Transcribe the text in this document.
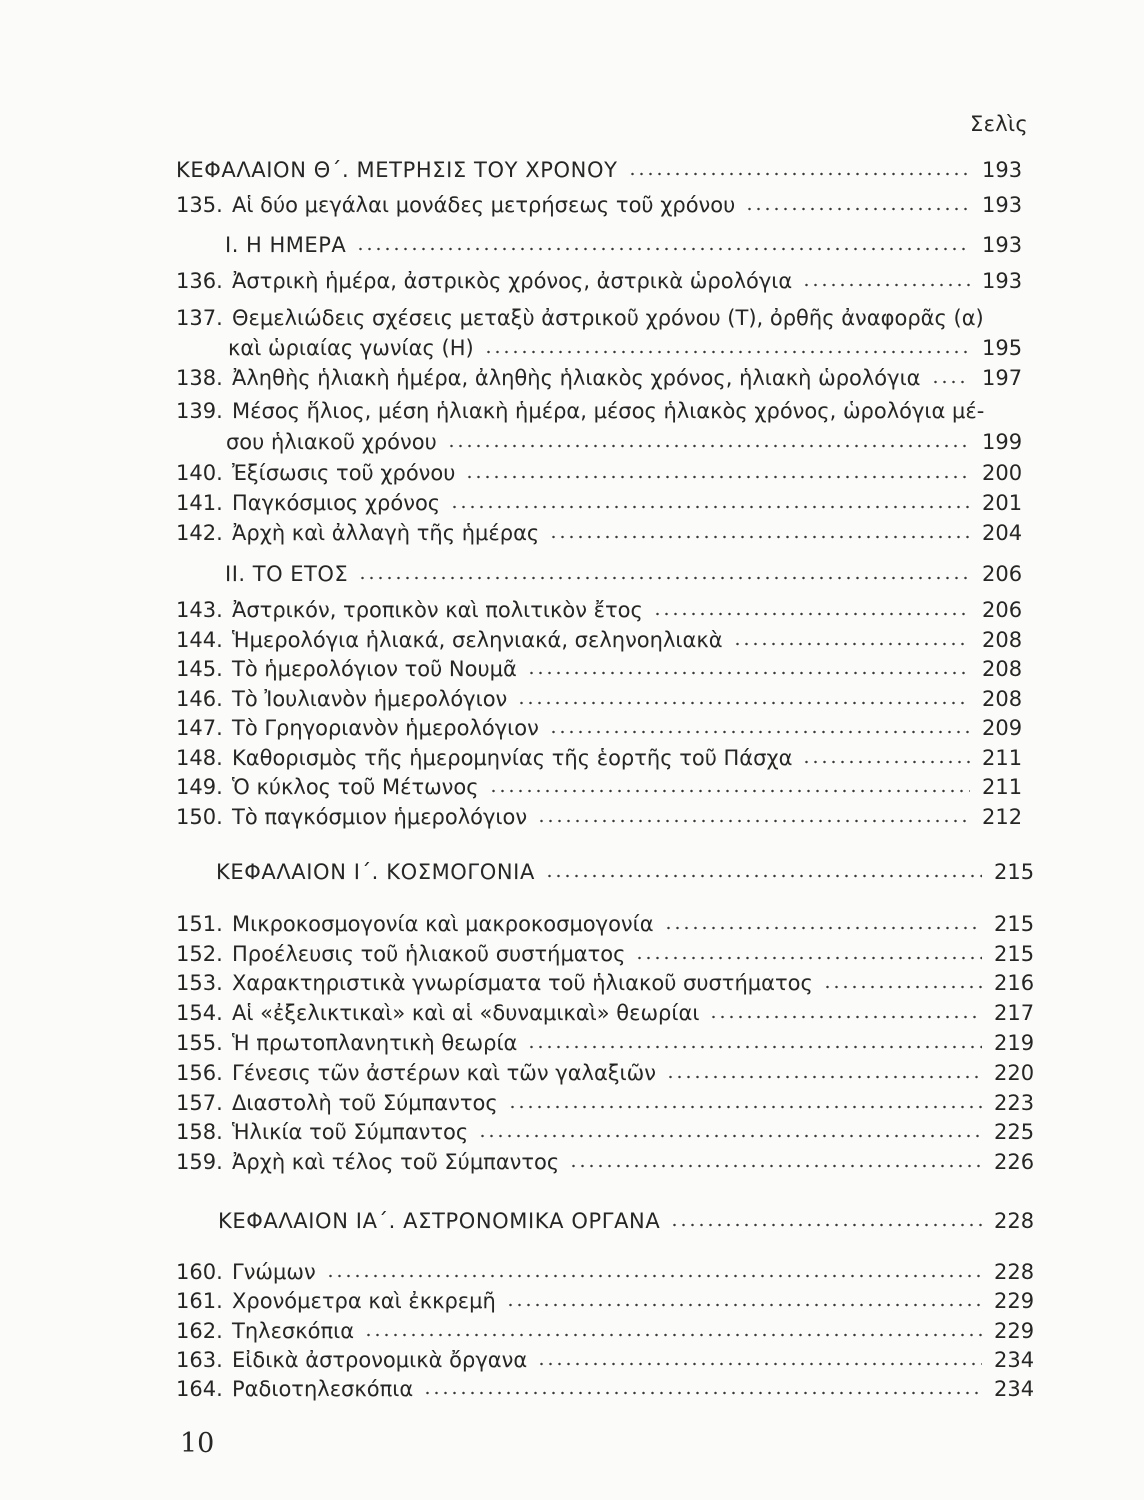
Σελὶς
ΚΕΦΑΛΑΙΟΝ Θ΄. ΜΕΤΡΗΣΙΣ ΤΟΥ ΧΡΟΝΟΥ	193
135. Αἱ δύο μεγάλαι μονάδες μετρήσεως τοῦ χρόνου	193
Ι. Η ΗΜΕΡΑ	193
136. Ἀστρικὴ ἡμέρα, ἀστρικὸς χρόνος, ἀστρικὰ ὡρολόγια	193
137. Θεμελιώδεις σχέσεις μεταξὺ ἀστρικοῦ χρόνου (Τ), ὀρθῆς ἀναφορᾶς (α)
καὶ ὡριαίας γωνίας (Η)	195
138. Ἀληθὴς ἡλιακὴ ἡμέρα, ἀληθὴς ἡλιακὸς χρόνος, ἡλιακὴ ὡρολόγια	197
139. Μέσος ἥλιος, μέση ἡλιακὴ ἡμέρα, μέσος ἡλιακὸς χρόνος, ὡρολόγια μέ-
σου ἡλιακοῦ χρόνου	199
140. Ἐξίσωσις τοῦ χρόνου	200
141. Παγκόσμιος χρόνος	201
142. Ἀρχὴ καὶ ἀλλαγὴ τῆς ἡμέρας	204
ΙΙ. ΤΟ ΕΤΟΣ	206
143. Ἀστρικόν, τροπικὸν καὶ πολιτικὸν ἔτος	206
144. Ἡμερολόγια ἡλιακά, σεληνιακά, σεληνοηλιακὰ	208
145. Τὸ ἡμερολόγιον τοῦ Νουμᾶ	208
146. Τὸ Ἰουλιανὸν ἡμερολόγιον	208
147. Τὸ Γρηγοριανὸν ἡμερολόγιον	209
148. Καθορισμὸς τῆς ἡμερομηνίας τῆς ἑορτῆς τοῦ Πάσχα	211
149. Ὁ κύκλος τοῦ Μέτωνος	211
150. Τὸ παγκόσμιον ἡμερολόγιον	212
ΚΕΦΑΛΑΙΟΝ Ι΄. ΚΟΣΜΟΓΟΝΙΑ	215
151. Μικροκοσμογονία καὶ μακροκοσμογονία	215
152. Προέλευσις τοῦ ἡλιακοῦ συστήματος	215
153. Χαρακτηριστικὰ γνωρίσματα τοῦ ἡλιακοῦ συστήματος	216
154. Αἱ «ἐξελικτικαὶ» καὶ αἱ «δυναμικαὶ» θεωρίαι	217
155. Ἡ πρωτοπλανητικὴ θεωρία	219
156. Γένεσις τῶν ἀστέρων καὶ τῶν γαλαξιῶν	220
157. Διαστολὴ τοῦ Σύμπαντος	223
158. Ἡλικία τοῦ Σύμπαντος	225
159. Ἀρχὴ καὶ τέλος τοῦ Σύμπαντος	226
ΚΕΦΑΛΑΙΟΝ ΙΑ΄. ΑΣΤΡΟΝΟΜΙΚΑ ΟΡΓΑΝΑ	228
160. Γνώμων	228
161. Χρονόμετρα καὶ ἐκκρεμῆ	229
162. Τηλεσκόπια	229
163. Εἰδικὰ ἀστρονομικὰ ὄργανα	234
164. Ραδιοτηλεσκόπια	234
10
